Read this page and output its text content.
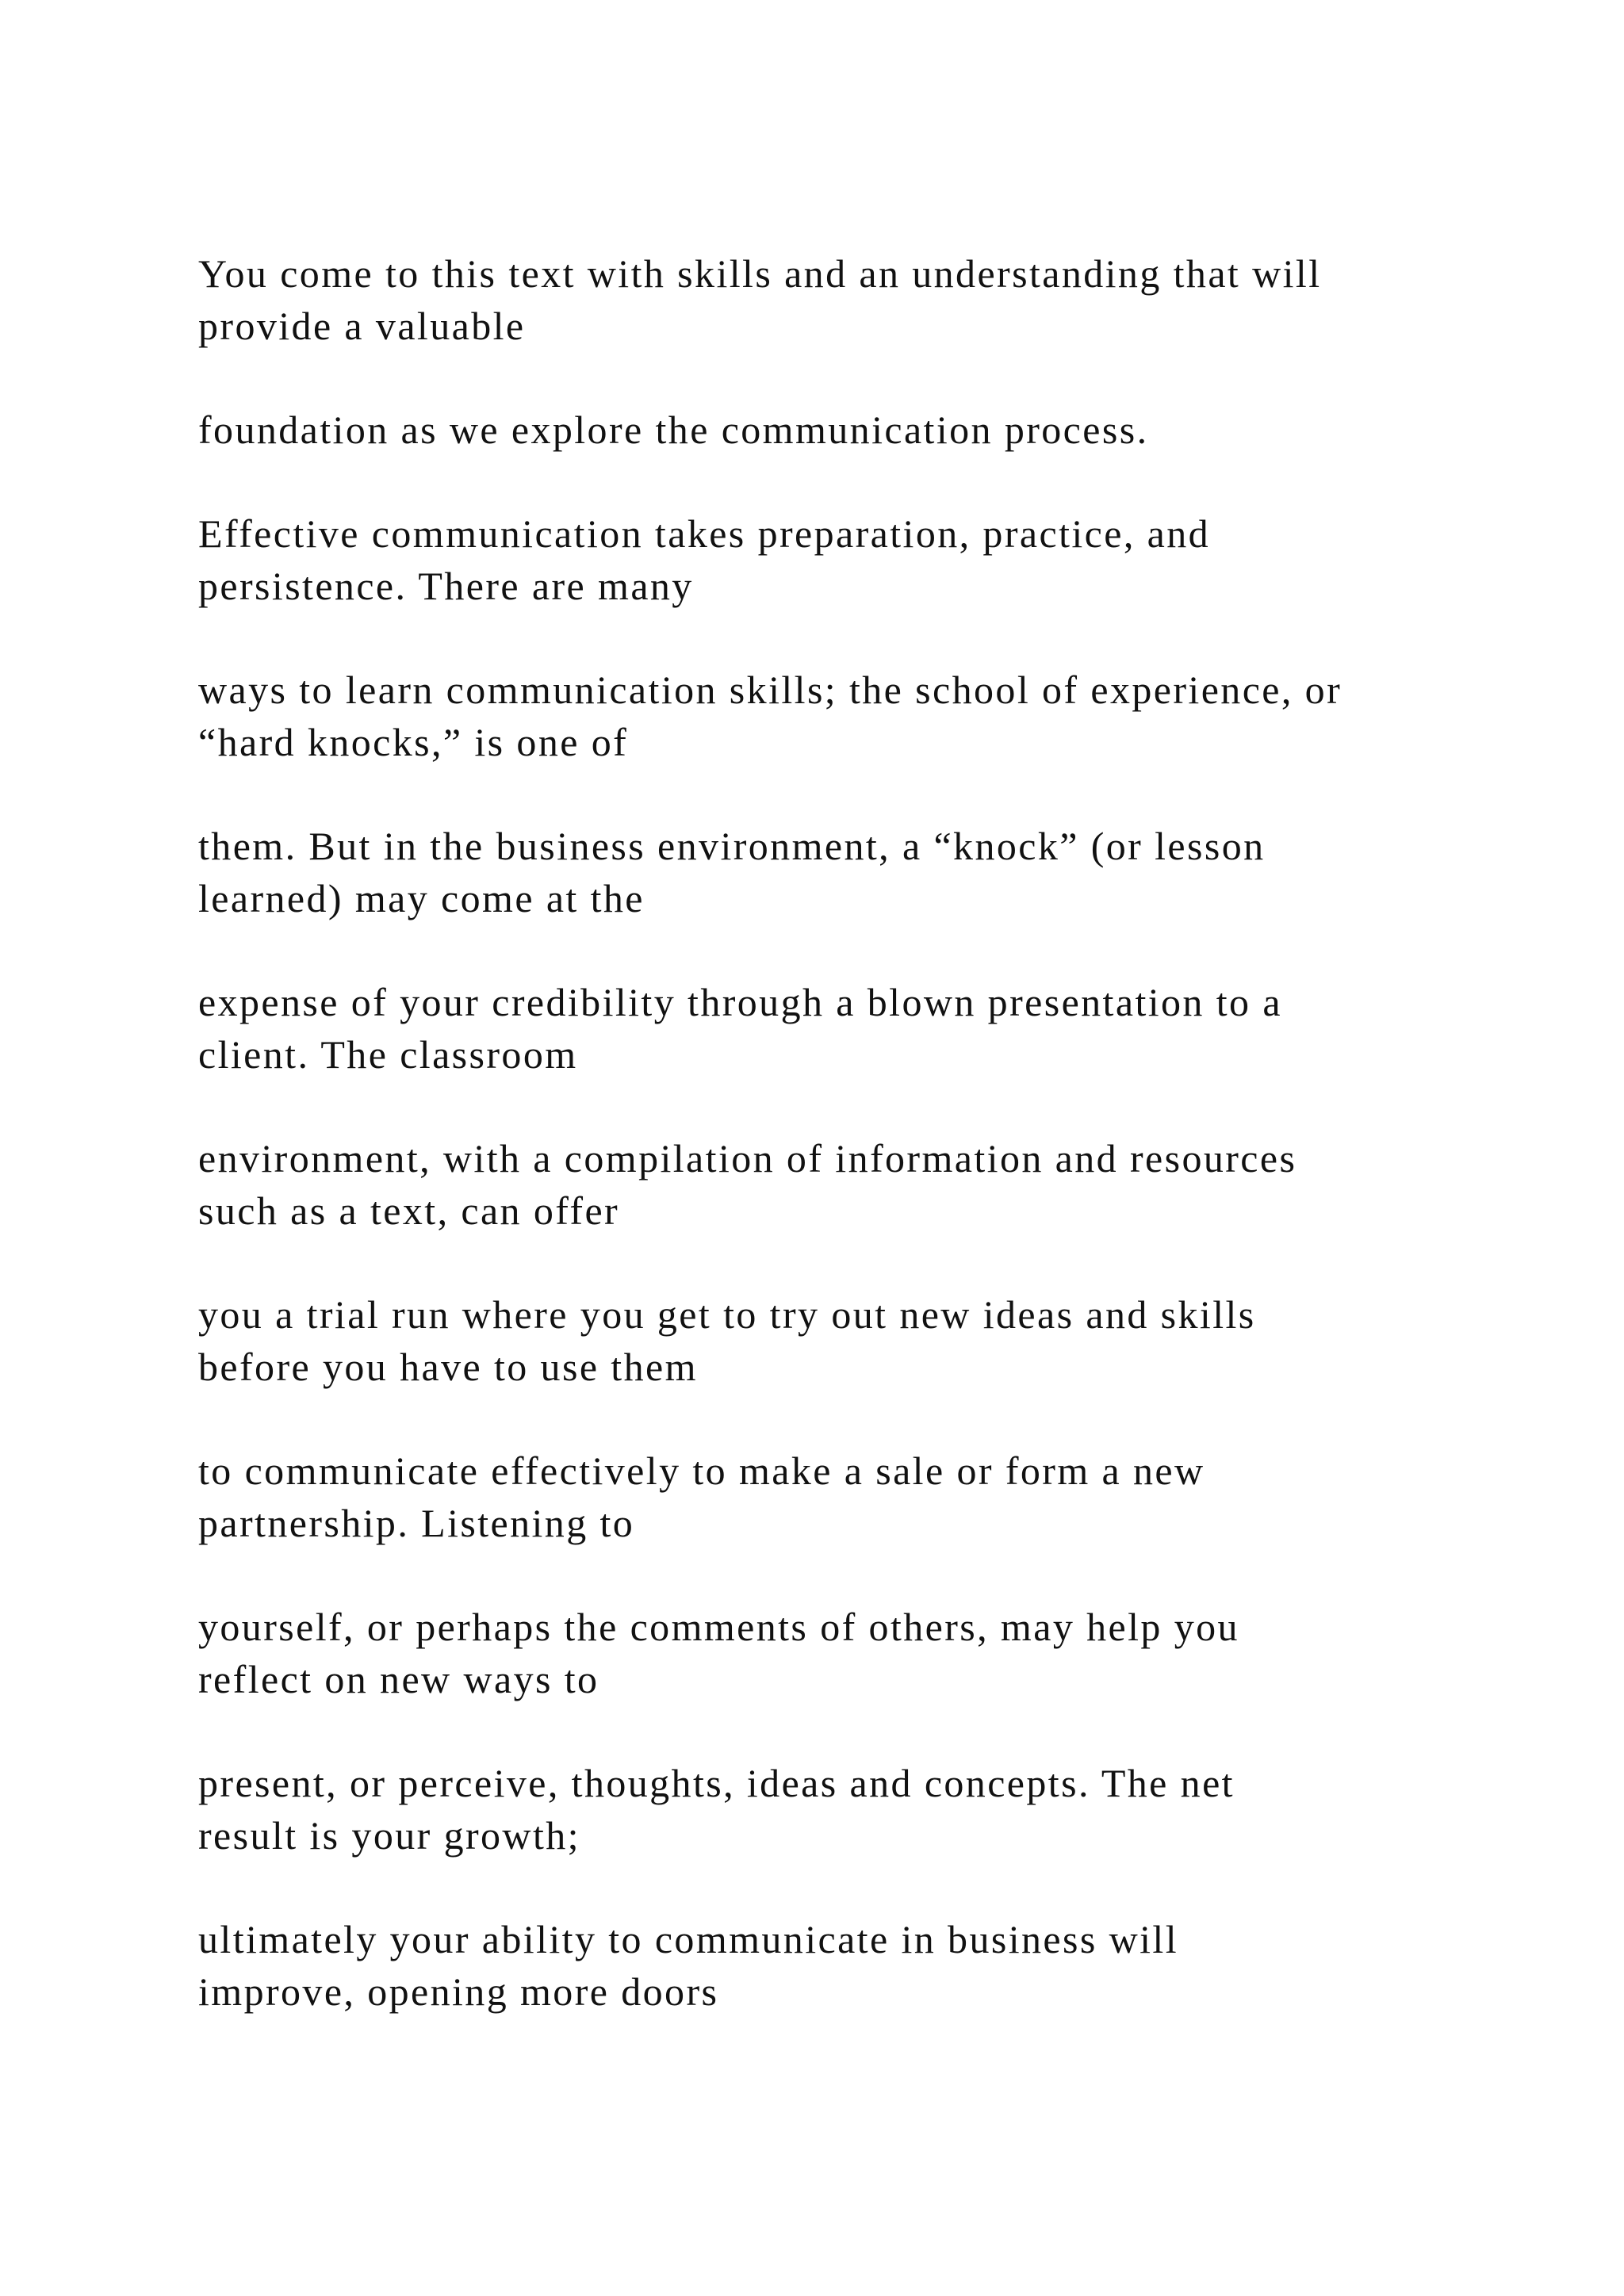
You come to this text with skills and an understanding that will
provide a valuable

foundation as we explore the communication process.

Effective communication takes preparation, practice, and
persistence. There are many

ways to learn communication skills; the school of experience, or
“hard knocks,” is one of

them. But in the business environment, a “knock” (or lesson
learned) may come at the

expense of your credibility through a blown presentation to a
client. The classroom

environment, with a compilation of information and resources
such as a text, can offer

you a trial run where you get to try out new ideas and skills
before you have to use them

to communicate effectively to make a sale or form a new
partnership. Listening to

yourself, or perhaps the comments of others, may help you
reflect on new ways to

present, or perceive, thoughts, ideas and concepts. The net
result is your growth;

ultimately your ability to communicate in business will
improve, opening more doors
